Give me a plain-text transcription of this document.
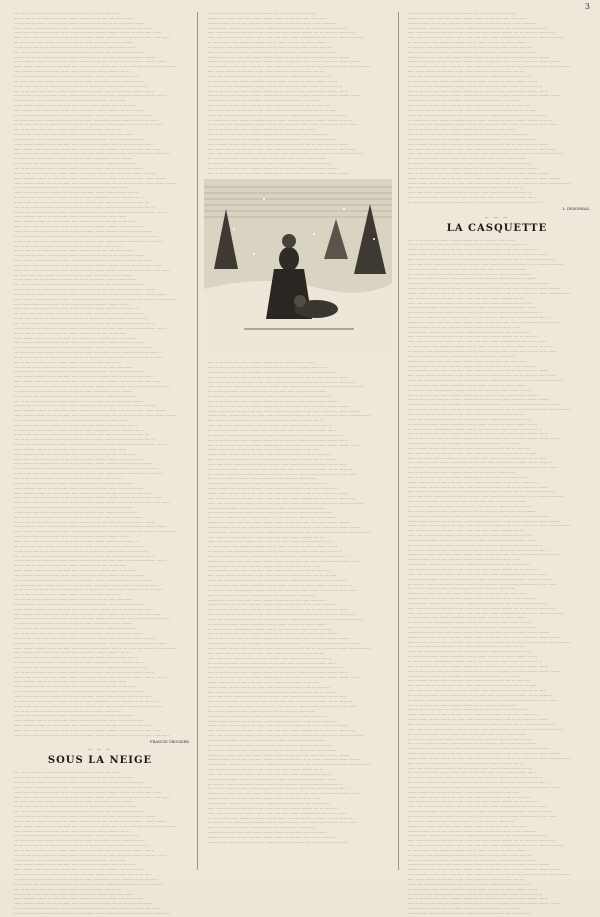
3

····· ··· ···· ······· ······ ········ ········· ·········· ····· ··· ···· ······· ······ ········

·········· ····· ··· ···· ······· ······ ········ ········· ·········· ····· ··· ···· ······· ······ ········

········· ·········· ····· ··· ···· ······· ······ ········ ········· ·········· ····· ··· ···· ······· ······ ········

········ ········· ·········· ····· ··· ···· ······· ······ ········ ········· ·········· ····· ··· ···· ······· ······ ········

······ ········ ········· ·········· ····· ··· ···· ······· ······ ········ ········· ·········· ····· ··· ···· ······· ······ ········

······· ······ ········ ········· ·········· ····· ··· ···· ······· ······ ········ ········· ·········· ····· ··· ···· ······· ······ ········

···· ······· ······ ········ ········· ·········· ····· ··· ···· ······· ······ ········ ········· ··········

··· ···· ······· ······ ········ ········· ·········· ····· ··· ···· ······· ······ ········ ········· ··········

····· ··· ···· ······· ······ ········ ········· ·········· ····· ··· ···· ······· ······ ········ ········· ··········

·········· ····· ··· ···· ······· ······ ········ ········· ·········· ····· ··· ···· ······· ······ ········ ········· ··········

········· ·········· ····· ··· ···· ······· ······ ········ ········· ·········· ····· ··· ···· ······· ······ ········ ········· ··········

········ ········· ·········· ····· ··· ···· ······· ······ ········ ········· ·········· ····· ··· ···· ······· ······ ········ ········· ··········

······ ········ ········· ·········· ····· ··· ···· ······· ······ ········ ········· ·········· ····· ···

······· ······ ········ ········· ·········· ····· ··· ···· ······· ······ ········ ········· ·········· ····· ···

···· ······· ······ ········ ········· ·········· ····· ··· ···· ······· ······ ········ ········· ·········· ····· ···

··· ···· ······· ······ ········ ········· ·········· ····· ··· ···· ······· ······ ········ ········· ·········· ····· ···

····· ··· ···· ······· ······ ········ ········· ·········· ····· ··· ···· ······· ······ ········ ········· ·········· ····· ···

·········· ····· ··· ···· ······· ······ ········ ········· ·········· ····· ··· ···· ······· ······ ········ ········· ·········· ····· ···

········· ·········· ····· ··· ···· ······· ······ ········ ········· ·········· ····· ··· ···· ·······

········ ········· ·········· ····· ··· ···· ······· ······ ········ ········· ·········· ····· ··· ···· ·······

······ ········ ········· ·········· ····· ··· ···· ······· ······ ········ ········· ·········· ····· ··· ···· ·······

······· ······ ········ ········· ·········· ····· ··· ···· ······· ······ ········ ········· ·········· ····· ··· ···· ·······

···· ······· ······ ········ ········· ·········· ····· ··· ···· ······· ······ ········ ········· ·········· ····· ··· ···· ·······

··· ···· ······· ······ ········ ········· ·········· ····· ··· ···· ······· ······ ········ ········· ·········· ····· ··· ···· ·······

····· ··· ···· ······· ······ ········ ········· ·········· ····· ··· ···· ······· ······ ········

·········· ····· ··· ···· ······· ······ ········ ········· ·········· ····· ··· ···· ······· ······ ········

········· ·········· ····· ··· ···· ······· ······ ········ ········· ·········· ····· ··· ···· ······· ······ ········

········ ········· ·········· ····· ··· ···· ······· ······ ········ ········· ·········· ····· ··· ···· ······· ······ ········

······ ········ ········· ·········· ····· ··· ···· ······· ······ ········ ········· ·········· ····· ··· ···· ······· ······ ········

······· ······ ········ ········· ·········· ····· ··· ···· ······· ······ ········ ········· ·········· ····· ··· ···· ······· ······ ········

···· ······· ······ ········ ········· ·········· ····· ··· ···· ······· ······ ········ ········· ··········

··· ···· ······· ······ ········ ········· ·········· ····· ··· ···· ······· ······ ········ ········· ··········

····· ··· ···· ······· ······ ········ ········· ·········· ····· ··· ···· ······· ······ ········ ········· ··········

·········· ····· ··· ···· ······· ······ ········ ········· ·········· ····· ··· ···· ······· ······ ········ ········· ··········

········· ·········· ····· ··· ···· ······· ······ ········ ········· ·········· ····· ··· ···· ······· ······ ········ ········· ··········

········ ········· ·········· ····· ··· ···· ······· ······ ········ ········· ·········· ····· ··· ···· ······· ······ ········ ········· ··········

······ ········ ········· ·········· ····· ··· ···· ······· ······ ········ ········· ·········· ····· ···

······· ······ ········ ········· ·········· ····· ··· ···· ······· ······ ········ ········· ·········· ····· ···

···· ······· ······ ········ ········· ·········· ····· ··· ···· ······· ······ ········ ········· ·········· ····· ···

··· ···· ······· ······ ········ ········· ·········· ····· ··· ···· ······· ······ ········ ········· ·········· ····· ···

····· ··· ···· ······· ······ ········ ········· ·········· ····· ··· ···· ······· ······ ········ ········· ·········· ····· ···

·········· ····· ··· ···· ······· ······ ········ ········· ·········· ····· ··· ···· ······· ······ ········ ········· ·········· ····· ···

········· ·········· ····· ··· ···· ······· ······ ········ ········· ·········· ····· ··· ···· ·······

········ ········· ·········· ····· ··· ···· ······· ······ ········ ········· ·········· ····· ··· ···· ·······

······ ········ ········· ·········· ····· ··· ···· ······· ······ ········ ········· ·········· ····· ··· ···· ·······

······· ······ ········ ········· ·········· ····· ··· ···· ······· ······ ········ ········· ·········· ····· ··· ···· ·······

···· ······· ······ ········ ········· ·········· ····· ··· ···· ······· ······ ········ ········· ·········· ····· ··· ···· ·······

··· ···· ······· ······ ········ ········· ·········· ····· ··· ···· ······· ······ ········ ········· ·········· ····· ··· ···· ·······

····· ··· ···· ······· ······ ········ ········· ·········· ····· ··· ···· ······· ······ ········

·········· ····· ··· ···· ······· ······ ········ ········· ·········· ····· ··· ···· ······· ······ ········

········· ·········· ····· ··· ···· ······· ······ ········ ········· ·········· ····· ··· ···· ······· ······ ········

········ ········· ·········· ····· ··· ···· ······· ······ ········ ········· ·········· ····· ··· ···· ······· ······ ········

······ ········ ········· ·········· ····· ··· ···· ······· ······ ········ ········· ·········· ····· ··· ···· ······· ······ ········

······· ······ ········ ········· ·········· ····· ··· ···· ······· ······ ········ ········· ·········· ····· ··· ···· ······· ······ ········

···· ······· ······ ········ ········· ·········· ····· ··· ···· ······· ······ ········ ········· ··········

··· ···· ······· ······ ········ ········· ·········· ····· ··· ···· ······· ······ ········ ········· ··········

····· ··· ···· ······· ······ ········ ········· ·········· ····· ··· ···· ······· ······ ········ ········· ··········

·········· ····· ··· ···· ······· ······ ········ ········· ·········· ····· ··· ···· ······· ······ ········ ········· ··········

········· ·········· ····· ··· ···· ······· ······ ········ ········· ·········· ····· ··· ···· ······· ······ ········ ········· ··········

········ ········· ·········· ····· ··· ···· ······· ······ ········ ········· ·········· ····· ··· ···· ······· ······ ········ ········· ··········

······ ········ ········· ·········· ····· ··· ···· ······· ······ ········ ········· ·········· ····· ···

······· ······ ········ ········· ·········· ····· ··· ···· ······· ······ ········ ········· ·········· ····· ···

···· ······· ······ ········ ········· ·········· ····· ··· ···· ······· ······ ········ ········· ·········· ····· ···

··· ···· ······· ······ ········ ········· ·········· ····· ··· ···· ······· ······ ········ ········· ·········· ····· ···

····· ··· ···· ······· ······ ········ ········· ·········· ····· ··· ···· ······· ······ ········ ········· ·········· ····· ···

·········· ····· ··· ···· ······· ······ ········ ········· ·········· ····· ··· ···· ······· ······ ········ ········· ·········· ····· ···

········· ·········· ····· ··· ···· ······· ······ ········ ········· ·········· ····· ··· ···· ·······

········ ········· ·········· ····· ··· ···· ······· ······ ········ ········· ·········· ····· ··· ···· ·······

······ ········ ········· ·········· ····· ··· ···· ······· ······ ········ ········· ·········· ····· ··· ···· ·······

······· ······ ········ ········· ·········· ····· ··· ···· ······· ······ ········ ········· ·········· ····· ··· ···· ·······

···· ······· ······ ········ ········· ·········· ····· ··· ···· ······· ······ ········ ········· ·········· ····· ··· ···· ·······

··· ···· ······· ······ ········ ········· ·········· ····· ··· ···· ······· ······ ········ ········· ·········· ····· ··· ···· ·······

····· ··· ···· ······· ······ ········ ········· ·········· ····· ··· ···· ······· ······ ········

·········· ····· ··· ···· ······· ······ ········ ········· ·········· ····· ··· ···· ······· ······ ········

········· ·········· ····· ··· ···· ······· ······ ········ ········· ·········· ····· ··· ···· ······· ······ ········

········ ········· ·········· ····· ··· ···· ······· ······ ········ ········· ·········· ····· ··· ···· ······· ······ ········

······ ········ ········· ·········· ····· ··· ···· ······· ······ ········ ········· ·········· ····· ··· ···· ······· ······ ········

······· ······ ········ ········· ·········· ····· ··· ···· ······· ······ ········ ········· ·········· ····· ··· ···· ······· ······ ········

···· ······· ······ ········ ········· ·········· ····· ··· ···· ······· ······ ········ ········· ··········

··· ···· ······· ······ ········ ········· ·········· ····· ··· ···· ······· ······ ········ ········· ··········

····· ··· ···· ······· ······ ········ ········· ·········· ····· ··· ···· ······· ······ ········ ········· ··········

·········· ····· ··· ···· ······· ······ ········ ········· ·········· ····· ··· ···· ······· ······ ········ ········· ··········

········· ·········· ····· ··· ···· ······· ······ ········ ········· ·········· ····· ··· ···· ······· ······ ········ ········· ··········

········ ········· ·········· ····· ··· ···· ······· ······ ········ ········· ·········· ····· ··· ···· ······· ······ ········ ········· ··········

······ ········ ········· ·········· ····· ··· ···· ······· ······ ········ ········· ·········· ····· ···

······· ······ ········ ········· ·········· ····· ··· ···· ······· ······ ········ ········· ·········· ····· ···

···· ······· ······ ········ ········· ·········· ····· ··· ···· ······· ······ ········ ········· ·········· ····· ···

··· ···· ······· ······ ········ ········· ·········· ····· ··· ···· ······· ······ ········ ········· ·········· ····· ···

····· ··· ···· ······· ······ ········ ········· ·········· ····· ··· ···· ······· ······ ········ ········· ·········· ····· ···

·········· ····· ··· ···· ······· ······ ········ ········· ·········· ····· ··· ···· ······· ······ ········ ········· ·········· ····· ···

········· ·········· ····· ··· ···· ······· ······ ········ ········· ·········· ····· ··· ···· ·······

········ ········· ·········· ····· ··· ···· ······· ······ ········ ········· ·········· ····· ··· ···· ·······

······ ········ ········· ·········· ····· ··· ···· ······· ······ ········ ········· ·········· ····· ··· ···· ·······

······· ······ ········ ········· ·········· ····· ··· ···· ······· ······ ········ ········· ·········· ····· ··· ···· ·······

···· ······· ······ ········ ········· ·········· ····· ··· ···· ······· ······ ········ ········· ·········· ····· ··· ···· ·······

··· ···· ······· ······ ········ ········· ·········· ····· ··· ···· ······· ······ ········ ········· ·········· ····· ··· ···· ·······

····· ··· ···· ······· ······ ········ ········· ·········· ····· ··· ···· ······· ······ ········

·········· ····· ··· ···· ······· ······ ········ ········· ·········· ····· ··· ···· ······· ······ ········

········· ·········· ····· ··· ···· ······· ······ ········ ········· ·········· ····· ··· ···· ······· ······ ········

········ ········· ·········· ····· ··· ···· ······· ······ ········ ········· ·········· ····· ··· ···· ······· ······ ········

······ ········ ········· ·········· ····· ··· ···· ······· ······ ········ ········· ·········· ····· ··· ···· ······· ······ ········

······· ······ ········ ········· ·········· ····· ··· ···· ······· ······ ········ ········· ·········· ····· ··· ···· ······· ······ ········

···· ······· ······ ········ ········· ·········· ····· ··· ···· ······· ······ ········ ········· ··········

··· ···· ······· ······ ········ ········· ·········· ····· ··· ···· ······· ······ ········ ········· ··········

····· ··· ···· ······· ······ ········ ········· ·········· ····· ··· ···· ······· ······ ········ ········· ··········

·········· ····· ··· ···· ······· ······ ········ ········· ·········· ····· ··· ···· ······· ······ ········ ········· ··········

········· ·········· ····· ··· ···· ······· ······ ········ ········· ·········· ····· ··· ···· ······· ······ ········ ········· ··········

········ ········· ·········· ····· ··· ···· ······· ······ ········ ········· ·········· ····· ··· ···· ······· ······ ········ ········· ··········

······ ········ ········· ·········· ····· ··· ···· ······· ······ ········ ········· ·········· ····· ···

······· ······ ········ ········· ·········· ····· ··· ···· ······· ······ ········ ········· ·········· ····· ···

···· ······· ······ ········ ········· ·········· ····· ··· ···· ······· ······ ········ ········· ·········· ····· ···

··· ···· ······· ······ ········ ········· ·········· ····· ··· ···· ······· ······ ········ ········· ·········· ····· ···

····· ··· ···· ······· ······ ········ ········· ·········· ····· ··· ···· ······· ······ ········ ········· ·········· ····· ···

·········· ····· ··· ···· ······· ······ ········ ········· ·········· ····· ··· ···· ······· ······ ········ ········· ·········· ····· ···

········· ·········· ····· ··· ···· ······· ······ ········ ········· ·········· ····· ··· ···· ·······

········ ········· ·········· ····· ··· ···· ······· ······ ········ ········· ·········· ····· ··· ···· ·······

······ ········ ········· ·········· ····· ··· ···· ······· ······ ········ ········· ·········· ····· ··· ···· ·······

······· ······ ········ ········· ·········· ····· ··· ···· ······· ······ ········ ········· ·········· ····· ··· ···· ·······

···· ······· ······ ········ ········· ·········· ····· ··· ···· ······· ······ ········ ········· ·········· ····· ··· ···· ·······

··· ···· ······· ······ ········ ········· ·········· ····· ··· ···· ······· ······ ········ ········· ·········· ····· ··· ···· ·······

····· ··· ···· ······· ······ ········ ········· ·········· ····· ··· ···· ······· ······ ········

·········· ····· ··· ···· ······· ······ ········ ········· ·········· ····· ··· ···· ······· ······ ········

········· ·········· ····· ··· ···· ······· ······ ········ ········· ·········· ····· ··· ···· ······· ······ ········

········ ········· ·········· ····· ··· ···· ······· ······ ········ ········· ·········· ····· ··· ···· ······· ······ ········

······ ········ ········· ·········· ····· ··· ···· ······· ······ ········ ········· ·········· ····· ··· ···· ······· ······ ········

······· ······ ········ ········· ·········· ····· ··· ···· ······· ······ ········ ········· ·········· ····· ··· ···· ······· ······ ········

···· ······· ······ ········ ········· ·········· ····· ··· ···· ······· ······ ········ ········· ··········

··· ···· ······· ······ ········ ········· ·········· ····· ··· ···· ······· ······ ········ ········· ··········

····· ··· ···· ······· ······ ········ ········· ·········· ····· ··· ···· ······· ······ ········ ········· ··········

·········· ····· ··· ···· ······· ······ ········ ········· ·········· ····· ··· ···· ······· ······ ········ ········· ··········

········· ·········· ····· ··· ···· ······· ······ ········ ········· ·········· ····· ··· ···· ······· ······ ········ ········· ··········

········ ········· ·········· ····· ··· ···· ······· ······ ········ ········· ·········· ····· ··· ···· ······· ······ ········ ········· ··········

······ ········ ········· ·········· ····· ··· ···· ······· ······ ········ ········· ·········· ····· ···

······· ······ ········ ········· ·········· ····· ··· ···· ······· ······ ········ ········· ·········· ····· ···

···· ······· ······ ········ ········· ·········· ····· ··· ···· ······· ······ ········ ········· ·········· ····· ···

··· ···· ······· ······ ········ ········· ·········· ····· ··· ···· ······· ······ ········ ········· ·········· ····· ···

····· ··· ···· ······· ······ ········ ········· ·········· ····· ··· ···· ······· ······ ········ ········· ·········· ····· ···

·········· ····· ··· ···· ······· ······ ········ ········· ·········· ····· ··· ···· ······· ······ ········ ········· ·········· ····· ···

········· ·········· ····· ··· ···· ······· ······ ········ ········· ·········· ····· ··· ···· ·······

········ ········· ·········· ····· ··· ···· ······· ······ ········ ········· ·········· ····· ··· ···· ·······

······ ········ ········· ·········· ····· ··· ···· ······· ······ ········ ········· ·········· ····· ··· ···· ·······

······· ······ ········ ········· ·········· ····· ··· ···· ······· ······ ········ ········· ·········· ····· ··· ···· ·······

···· ······· ······ ········ ········· ·········· ····· ··· ···· ······· ······ ········ ········· ·········· ····· ··· ···· ·······

··· ···· ······· ······ ········ ········· ·········· ····· ··· ···· ······· ······ ········ ········· ·········· ····· ··· ···· ·······

····· ··· ···· ······· ······ ········ ········· ·········· ····· ··· ···· ······· ······ ········

·········· ····· ··· ···· ······· ······ ········ ········· ·········· ····· ··· ···· ······· ······ ········

········· ·········· ····· ··· ···· ······· ······ ········ ········· ·········· ····· ··· ···· ······· ······ ········

········ ········· ·········· ····· ··· ···· ······· ······ ········ ········· ·········· ····· ··· ···· ······· ······ ········

······ ········ ········· ·········· ····· ··· ···· ······· ······ ········ ········· ·········· ····· ··· ···· ······· ······ ········

······· ······ ········ ········· ·········· ····· ··· ···· ······· ······ ········ ········· ·········· ····· ··· ···· ······· ······ ········

FRANCIS GROSSIER.
— — —
SOUS LA NEIGE

····· ··· ···· ······· ······ ········ ········· ·········· ····· ··· ···· ······· ······ ········

·········· ····· ··· ···· ······· ······ ········ ········· ·········· ····· ··· ···· ······· ······ ········

········· ·········· ····· ··· ···· ······· ······ ········ ········· ·········· ····· ··· ···· ······· ······ ········

········ ········· ·········· ····· ··· ···· ······· ······ ········ ········· ·········· ····· ··· ···· ······· ······ ········

······ ········ ········· ·········· ····· ··· ···· ······· ······ ········ ········· ·········· ····· ··· ···· ······· ······ ········

······· ······ ········ ········· ·········· ····· ··· ···· ······· ······ ········ ········· ·········· ····· ··· ···· ······· ······ ········

···· ······· ······ ········ ········· ·········· ····· ··· ···· ······· ······ ········ ········· ··········

··· ···· ······· ······ ········ ········· ·········· ····· ··· ···· ······· ······ ········ ········· ··········

····· ··· ···· ······· ······ ········ ········· ·········· ····· ··· ···· ······· ······ ········ ········· ··········

·········· ····· ··· ···· ······· ······ ········ ········· ·········· ····· ··· ···· ······· ······ ········ ········· ··········

········· ·········· ····· ··· ···· ······· ······ ········ ········· ·········· ····· ··· ···· ······· ······ ········ ········· ··········

········ ········· ·········· ····· ··· ···· ······· ······ ········ ········· ·········· ····· ··· ···· ······· ······ ········ ········· ··········

······ ········ ········· ·········· ····· ··· ···· ······· ······ ········ ········· ·········· ····· ···

······· ······ ········ ········· ·········· ····· ··· ···· ······· ······ ········ ········· ·········· ····· ···

···· ······· ······ ········ ········· ·········· ····· ··· ···· ······· ······ ········ ········· ·········· ····· ···

··· ···· ······· ······ ········ ········· ·········· ····· ··· ···· ······· ······ ········ ········· ·········· ····· ···

····· ··· ···· ······· ······ ········ ········· ·········· ····· ··· ···· ······· ······ ········ ········· ·········· ····· ···

·········· ····· ··· ···· ······· ······ ········ ········· ·········· ····· ··· ···· ······· ······ ········ ········· ·········· ····· ···

········· ·········· ····· ··· ···· ······· ······ ········ ········· ·········· ····· ··· ···· ·······

········ ········· ·········· ····· ··· ···· ······· ······ ········ ········· ·········· ····· ··· ···· ·······

······ ········ ········· ·········· ····· ··· ···· ······· ······ ········ ········· ·········· ····· ··· ···· ·······

······· ······ ········ ········· ·········· ····· ··· ···· ······· ······ ········ ········· ·········· ····· ··· ···· ·······

···· ······· ······ ········ ········· ·········· ····· ··· ···· ······· ······ ········ ········· ·········· ····· ··· ···· ·······

··· ···· ······· ······ ········ ········· ·········· ····· ··· ···· ······· ······ ········ ········· ·········· ····· ··· ···· ·······

····· ··· ···· ······· ······ ········ ········· ·········· ····· ··· ···· ······· ······ ········

·········· ····· ··· ···· ······· ······ ········ ········· ·········· ····· ··· ···· ······· ······ ········

········· ·········· ····· ··· ···· ······· ······ ········ ········· ·········· ····· ··· ···· ······· ······ ········

········ ········· ·········· ····· ··· ···· ······· ······ ········ ········· ·········· ····· ··· ···· ······· ······ ········

······ ········ ········· ·········· ····· ··· ···· ······· ······ ········ ········· ·········· ····· ··· ···· ······· ······ ········

······· ······ ········ ········· ·········· ····· ··· ···· ······· ······ ········ ········· ·········· ····· ··· ···· ······· ······ ········

····· ··· ···· ······· ······ ········ ········· ·········· ····· ··· ···· ······· ······ ········

·········· ····· ··· ···· ······· ······ ········ ········· ·········· ····· ··· ···· ······· ······ ········

········· ·········· ····· ··· ···· ······· ······ ········ ········· ·········· ····· ··· ···· ······· ······ ········

········ ········· ·········· ····· ··· ···· ······· ······ ········ ········· ·········· ····· ··· ···· ······· ······ ········

······ ········ ········· ·········· ····· ··· ···· ······· ······ ········ ········· ·········· ····· ··· ···· ······· ······ ········

······· ······ ········ ········· ·········· ····· ··· ···· ······· ······ ········ ········· ·········· ····· ··· ···· ······· ······ ········

···· ······· ······ ········ ········· ·········· ····· ··· ···· ······· ······ ········ ········· ··········

··· ···· ······· ······ ········ ········· ·········· ····· ··· ···· ······· ······ ········ ········· ··········

····· ··· ···· ······· ······ ········ ········· ·········· ····· ··· ···· ······· ······ ········ ········· ··········

·········· ····· ··· ···· ······· ······ ········ ········· ·········· ····· ··· ···· ······· ······ ········ ········· ··········

········· ·········· ····· ··· ···· ······· ······ ········ ········· ·········· ····· ··· ···· ······· ······ ········ ········· ··········

········ ········· ·········· ····· ··· ···· ······· ······ ········ ········· ·········· ····· ··· ···· ······· ······ ········ ········· ··········

······ ········ ········· ·········· ····· ··· ···· ······· ······ ········ ········· ·········· ····· ···

······· ······ ········ ········· ·········· ····· ··· ···· ······· ······ ········ ········· ·········· ····· ···

···· ······· ······ ········ ········· ·········· ····· ··· ···· ······· ······ ········ ········· ·········· ····· ···

··· ···· ······· ······ ········ ········· ·········· ····· ··· ···· ······· ······ ········ ········· ·········· ····· ···

····· ··· ···· ······· ······ ········ ········· ·········· ····· ··· ···· ······· ······ ········ ········· ·········· ····· ···

·········· ····· ··· ···· ······· ······ ········ ········· ·········· ····· ··· ···· ······· ······ ········ ········· ·········· ····· ···

········· ·········· ····· ··· ···· ······· ······ ········ ········· ·········· ····· ··· ···· ·······

········ ········· ·········· ····· ··· ···· ······· ······ ········ ········· ·········· ····· ··· ···· ·······

······ ········ ········· ·········· ····· ··· ···· ······· ······ ········ ········· ·········· ····· ··· ···· ·······

······· ······ ········ ········· ·········· ····· ··· ···· ······· ······ ········ ········· ·········· ····· ··· ···· ·······

···· ······· ······ ········ ········· ·········· ····· ··· ···· ······· ······ ········ ········· ·········· ····· ··· ···· ·······

··· ···· ······· ······ ········ ········· ·········· ····· ··· ···· ······· ······ ········ ········· ·········· ····· ··· ···· ·······

····· ··· ···· ······· ······ ········ ········· ·········· ····· ··· ···· ······· ······ ········

·········· ····· ··· ···· ······· ······ ········ ········· ·········· ····· ··· ···· ······· ······ ········

········· ·········· ····· ··· ···· ······· ······ ········ ········· ·········· ····· ··· ···· ······· ······ ········

········ ········· ·········· ····· ··· ···· ······· ······ ········ ········· ·········· ····· ··· ···· ······· ······ ········

······ ········ ········· ·········· ····· ··· ···· ······· ······ ········ ········· ·········· ····· ··· ···· ······· ······ ········

······· ······ ········ ········· ·········· ····· ··· ···· ······· ······ ········ ········· ·········· ····· ··· ···· ······· ······ ········

···· ······· ······ ········ ········· ·········· ····· ··· ···· ······· ······ ········ ········· ··········

··· ···· ······· ······ ········ ········· ·········· ····· ··· ···· ······· ······ ········ ········· ··········

····· ··· ···· ······· ······ ········ ········· ·········· ····· ··· ···· ······· ······ ········ ········· ··········

·········· ····· ··· ···· ······· ······ ········ ········· ·········· ····· ··· ···· ······· ······ ········ ········· ··········

····· ··· ···· ······· ······ ········ ········· ·········· ····· ··· ···· ······· ······ ········

·········· ····· ··· ···· ······· ······ ········ ········· ·········· ····· ··· ···· ······· ······ ········

········· ·········· ····· ··· ···· ······· ······ ········ ········· ·········· ····· ··· ···· ······· ······ ········

········ ········· ·········· ····· ··· ···· ······· ······ ········ ········· ·········· ····· ··· ···· ······· ······ ········

······ ········ ········· ·········· ····· ··· ···· ······· ······ ········ ········· ·········· ····· ··· ···· ······· ······ ········

······· ······ ········ ········· ·········· ····· ··· ···· ······· ······ ········ ········· ·········· ····· ··· ···· ······· ······ ········

···· ······· ······ ········ ········· ·········· ····· ··· ···· ······· ······ ········ ········· ··········

··· ···· ······· ······ ········ ········· ·········· ····· ··· ···· ······· ······ ········ ········· ··········

····· ··· ···· ······· ······ ········ ········· ·········· ····· ··· ···· ······· ······ ········ ········· ··········

·········· ····· ··· ···· ······· ······ ········ ········· ·········· ····· ··· ···· ······· ······ ········ ········· ··········

········· ·········· ····· ··· ···· ······· ······ ········ ········· ·········· ····· ··· ···· ······· ······ ········ ········· ··········

········ ········· ·········· ····· ··· ···· ······· ······ ········ ········· ·········· ····· ··· ···· ······· ······ ········ ········· ··········

······ ········ ········· ·········· ····· ··· ···· ······· ······ ········ ········· ·········· ····· ···

······· ······ ········ ········· ·········· ····· ··· ···· ······· ······ ········ ········· ·········· ····· ···

···· ······· ······ ········ ········· ·········· ····· ··· ···· ······· ······ ········ ········· ·········· ····· ···

··· ···· ······· ······ ········ ········· ·········· ····· ··· ···· ······· ······ ········ ········· ·········· ····· ···

····· ··· ···· ······· ······ ········ ········· ·········· ····· ··· ···· ······· ······ ········ ········· ·········· ····· ···

·········· ····· ··· ···· ······· ······ ········ ········· ·········· ····· ··· ···· ······· ······ ········ ········· ·········· ····· ···

········· ·········· ····· ··· ···· ······· ······ ········ ········· ·········· ····· ··· ···· ·······

········ ········· ·········· ····· ··· ···· ······· ······ ········ ········· ·········· ····· ··· ···· ·······

······ ········ ········· ·········· ····· ··· ···· ······· ······ ········ ········· ·········· ····· ··· ···· ·······

······· ······ ········ ········· ·········· ····· ··· ···· ······· ······ ········ ········· ·········· ····· ··· ···· ·······

···· ······· ······ ········ ········· ·········· ····· ··· ···· ······· ······ ········ ········· ·········· ····· ··· ···· ·······

··· ···· ······· ······ ········ ········· ·········· ····· ··· ···· ······· ······ ········ ········· ·········· ····· ··· ···· ·······

····· ··· ···· ······· ······ ········ ········· ·········· ····· ··· ···· ······· ······ ········

·········· ····· ··· ···· ······· ······ ········ ········· ·········· ····· ··· ···· ······· ······ ········

········· ·········· ····· ··· ···· ······· ······ ········ ········· ·········· ····· ··· ···· ······· ······ ········

········ ········· ·········· ····· ··· ···· ······· ······ ········ ········· ·········· ····· ··· ···· ······· ······ ········

······ ········ ········· ·········· ····· ··· ···· ······· ······ ········ ········· ·········· ····· ··· ···· ······· ······ ········

······· ······ ········ ········· ·········· ····· ··· ···· ······· ······ ········ ········· ·········· ····· ··· ···· ······· ······ ········

···· ······· ······ ········ ········· ·········· ····· ··· ···· ······· ······ ········ ········· ··········

··· ···· ······· ······ ········ ········· ·········· ····· ··· ···· ······· ······ ········ ········· ··········

····· ··· ···· ······· ······ ········ ········· ·········· ····· ··· ···· ······· ······ ········ ········· ··········

·········· ····· ··· ···· ······· ······ ········ ········· ·········· ····· ··· ···· ······· ······ ········ ········· ··········

········· ·········· ····· ··· ···· ······· ······ ········ ········· ·········· ····· ··· ···· ······· ······ ········ ········· ··········

········ ········· ·········· ····· ··· ···· ······· ······ ········ ········· ·········· ····· ··· ···· ······· ······ ········ ········· ··········

······ ········ ········· ·········· ····· ··· ···· ······· ······ ········ ········· ·········· ····· ···

······· ······ ········ ········· ·········· ····· ··· ···· ······· ······ ········ ········· ·········· ····· ···

···· ······· ······ ········ ········· ·········· ····· ··· ···· ······· ······ ········ ········· ·········· ····· ···

··· ···· ······· ······ ········ ········· ·········· ····· ··· ···· ······· ······ ········ ········· ·········· ····· ···

····· ··· ···· ······· ······ ········ ········· ·········· ····· ··· ···· ······· ······ ········ ········· ·········· ····· ···

·········· ····· ··· ···· ······· ······ ········ ········· ·········· ····· ··· ···· ······· ······ ········ ········· ·········· ····· ···

········· ·········· ····· ··· ···· ······· ······ ········ ········· ·········· ····· ··· ···· ·······

········ ········· ·········· ····· ··· ···· ······· ······ ········ ········· ·········· ····· ··· ···· ·······

······ ········ ········· ·········· ····· ··· ···· ······· ······ ········ ········· ·········· ····· ··· ···· ·······

······· ······ ········ ········· ·········· ····· ··· ···· ······· ······ ········ ········· ·········· ····· ··· ···· ·······

···· ······· ······ ········ ········· ·········· ····· ··· ···· ······· ······ ········ ········· ·········· ····· ··· ···· ·······

··· ···· ······· ······ ········ ········· ·········· ····· ··· ···· ······· ······ ········ ········· ·········· ····· ··· ···· ·······

····· ··· ···· ······· ······ ········ ········· ·········· ····· ··· ···· ······· ······ ········

·········· ····· ··· ···· ······· ······ ········ ········· ·········· ····· ··· ···· ······· ······ ········

········· ·········· ····· ··· ···· ······· ······ ········ ········· ·········· ····· ··· ···· ······· ······ ········

········ ········· ·········· ····· ··· ···· ······· ······ ········ ········· ·········· ····· ··· ···· ······· ······ ········

······ ········ ········· ·········· ····· ··· ···· ······· ······ ········ ········· ·········· ····· ··· ···· ······· ······ ········

······· ······ ········ ········· ·········· ····· ··· ···· ······· ······ ········ ········· ·········· ····· ··· ···· ······· ······ ········

···· ······· ······ ········ ········· ·········· ····· ··· ···· ······· ······ ········ ········· ··········

··· ···· ······· ······ ········ ········· ·········· ····· ··· ···· ······· ······ ········ ········· ··········

····· ··· ···· ······· ······ ········ ········· ·········· ····· ··· ···· ······· ······ ········ ········· ··········

·········· ····· ··· ···· ······· ······ ········ ········· ·········· ····· ··· ···· ······· ······ ········ ········· ··········

········· ·········· ····· ··· ···· ······· ······ ········ ········· ·········· ····· ··· ···· ······· ······ ········ ········· ··········

········ ········· ·········· ····· ··· ···· ······· ······ ········ ········· ·········· ····· ··· ···· ······· ······ ········ ········· ··········

······ ········ ········· ·········· ····· ··· ···· ······· ······ ········ ········· ·········· ····· ···

······· ······ ········ ········· ·········· ····· ··· ···· ······· ······ ········ ········· ·········· ····· ···

···· ······· ······ ········ ········· ·········· ····· ··· ···· ······· ······ ········ ········· ·········· ····· ···

··· ···· ······· ······ ········ ········· ·········· ····· ··· ···· ······· ······ ········ ········· ·········· ····· ···

····· ··· ···· ······· ······ ········ ········· ·········· ····· ··· ···· ······· ······ ········ ········· ·········· ····· ···

·········· ····· ··· ···· ······· ······ ········ ········· ·········· ····· ··· ···· ······· ······ ········ ········· ·········· ····· ···

········· ·········· ····· ··· ···· ······· ······ ········ ········· ·········· ····· ··· ···· ·······

········ ········· ·········· ····· ··· ···· ······· ······ ········ ········· ·········· ····· ··· ···· ·······

······ ········ ········· ·········· ····· ··· ···· ······· ······ ········ ········· ·········· ····· ··· ···· ·······

······· ······ ········ ········· ·········· ····· ··· ···· ······· ······ ········ ········· ·········· ····· ··· ···· ·······

···· ······· ······ ········ ········· ·········· ····· ··· ···· ······· ······ ········ ········· ·········· ····· ··· ···· ·······

··· ···· ······· ······ ········ ········· ·········· ····· ··· ···· ······· ······ ········ ········· ·········· ····· ··· ···· ·······

····· ··· ···· ······· ······ ········ ········· ·········· ····· ··· ···· ······· ······ ········

·········· ····· ··· ···· ······· ······ ········ ········· ·········· ····· ··· ···· ······· ······ ········

········· ·········· ····· ··· ···· ······· ······ ········ ········· ·········· ····· ··· ···· ······· ······ ········

········ ········· ·········· ····· ··· ···· ······· ······ ········ ········· ·········· ····· ··· ···· ······· ······ ········

······ ········ ········· ·········· ····· ··· ···· ······· ······ ········ ········· ·········· ····· ··· ···· ······· ······ ········

······· ······ ········ ········· ·········· ····· ··· ···· ······· ······ ········ ········· ·········· ····· ··· ···· ······· ······ ········

···· ······· ······ ········ ········· ·········· ····· ··· ···· ······· ······ ········ ········· ··········

··· ···· ······· ······ ········ ········· ·········· ····· ··· ···· ······· ······ ········ ········· ··········

····· ··· ···· ······· ······ ········ ········· ·········· ····· ··· ···· ······· ······ ········ ········· ··········

·········· ····· ··· ···· ······· ······ ········ ········· ·········· ····· ··· ···· ······· ······ ········ ········· ··········

········· ·········· ····· ··· ···· ······· ······ ········ ········· ·········· ····· ··· ···· ······· ······ ········ ········· ··········

········ ········· ·········· ····· ··· ···· ······· ······ ········ ········· ·········· ····· ··· ···· ······· ······ ········ ········· ··········

······ ········ ········· ·········· ····· ··· ···· ······· ······ ········ ········· ·········· ····· ···

······· ······ ········ ········· ·········· ····· ··· ···· ······· ······ ········ ········· ·········· ····· ···

···· ······· ······ ········ ········· ·········· ····· ··· ···· ······· ······ ········ ········· ·········· ····· ···

··· ···· ······· ······ ········ ········· ·········· ····· ··· ···· ······· ······ ········ ········· ·········· ····· ···

····· ··· ···· ······· ······ ········ ········· ·········· ····· ··· ···· ······· ······ ········ ········· ·········· ····· ···

·········· ····· ··· ···· ······· ······ ········ ········· ·········· ····· ··· ···· ······· ······ ········ ········· ·········· ····· ···

········· ·········· ····· ··· ···· ······· ······ ········ ········· ·········· ····· ··· ···· ·······

········ ········· ·········· ····· ··· ···· ······· ······ ········ ········· ·········· ····· ··· ···· ·······

······ ········ ········· ·········· ····· ··· ···· ······· ······ ········ ········· ·········· ····· ··· ···· ·······

······· ······ ········ ········· ·········· ····· ··· ···· ······· ······ ········ ········· ·········· ····· ··· ···· ·······

···· ······· ······ ········ ········· ·········· ····· ··· ···· ······· ······ ········ ········· ·········· ····· ··· ···· ·······

··· ···· ······· ······ ········ ········· ·········· ····· ··· ···· ······· ······ ········ ········· ·········· ····· ··· ···· ·······

····· ··· ···· ······· ······ ········ ········· ·········· ····· ··· ···· ······· ······ ········

·········· ····· ··· ···· ······· ······ ········ ········· ·········· ····· ··· ···· ······· ······ ········

········· ·········· ····· ··· ···· ······· ······ ········ ········· ·········· ····· ··· ···· ······· ······ ········

········ ········· ·········· ····· ··· ···· ······· ······ ········ ········· ·········· ····· ··· ···· ······· ······ ········

····· ··· ···· ······· ······ ········ ········· ·········· ····· ··· ···· ······· ······ ········

·········· ····· ··· ···· ······· ······ ········ ········· ·········· ····· ··· ···· ······· ······ ········

········· ·········· ····· ··· ···· ······· ······ ········ ········· ·········· ····· ··· ···· ······· ······ ········

········ ········· ·········· ····· ··· ···· ······· ······ ········ ········· ·········· ····· ··· ···· ······· ······ ········

······ ········ ········· ·········· ····· ··· ···· ······· ······ ········ ········· ·········· ····· ··· ···· ······· ······ ········

······· ······ ········ ········· ·········· ····· ··· ···· ······· ······ ········ ········· ·········· ····· ··· ···· ······· ······ ········

···· ······· ······ ········ ········· ·········· ····· ··· ···· ······· ······ ········ ········· ··········

··· ···· ······· ······ ········ ········· ·········· ····· ··· ···· ······· ······ ········ ········· ··········

····· ··· ···· ······· ······ ········ ········· ·········· ····· ··· ···· ······· ······ ········ ········· ··········

·········· ····· ··· ···· ······· ······ ········ ········· ·········· ····· ··· ···· ······· ······ ········ ········· ··········

········· ·········· ····· ··· ···· ······· ······ ········ ········· ·········· ····· ··· ···· ······· ······ ········ ········· ··········

········ ········· ·········· ····· ··· ···· ······· ······ ········ ········· ·········· ····· ··· ···· ······· ······ ········ ········· ··········

······ ········ ········· ·········· ····· ··· ···· ······· ······ ········ ········· ·········· ····· ···

······· ······ ········ ········· ·········· ····· ··· ···· ······· ······ ········ ········· ·········· ····· ···

···· ······· ······ ········ ········· ·········· ····· ··· ···· ······· ······ ········ ········· ·········· ····· ···

··· ···· ······· ······ ········ ········· ·········· ····· ··· ···· ······· ······ ········ ········· ·········· ····· ···

····· ··· ···· ······· ······ ········ ········· ·········· ····· ··· ···· ······· ······ ········ ········· ·········· ····· ···

·········· ····· ··· ···· ······· ······ ········ ········· ·········· ····· ··· ···· ······· ······ ········ ········· ·········· ····· ···

········· ·········· ····· ··· ···· ······· ······ ········ ········· ·········· ····· ··· ···· ·······

········ ········· ·········· ····· ··· ···· ······· ······ ········ ········· ·········· ····· ··· ···· ·······

······ ········ ········· ·········· ····· ··· ···· ······· ······ ········ ········· ·········· ····· ··· ···· ·······

······· ······ ········ ········· ·········· ····· ··· ···· ······· ······ ········ ········· ·········· ····· ··· ···· ·······

···· ······· ······ ········ ········· ·········· ····· ··· ···· ······· ······ ········ ········· ·········· ····· ··· ···· ·······

··· ···· ······· ······ ········ ········· ·········· ····· ··· ···· ······· ······ ········ ········· ·········· ····· ··· ···· ·······

····· ··· ···· ······· ······ ········ ········· ·········· ····· ··· ···· ······· ······ ········

·········· ····· ··· ···· ······· ······ ········ ········· ·········· ····· ··· ···· ······· ······ ········

········· ·········· ····· ··· ···· ······· ······ ········ ········· ·········· ····· ··· ···· ······· ······ ········

········ ········· ·········· ····· ··· ···· ······· ······ ········ ········· ·········· ····· ··· ···· ······· ······ ········

······ ········ ········· ·········· ····· ··· ···· ······· ······ ········ ········· ·········· ····· ··· ···· ······· ······ ········

······· ······ ········ ········· ·········· ····· ··· ···· ······· ······ ········ ········· ·········· ····· ··· ···· ······· ······ ········

···· ······· ······ ········ ········· ·········· ····· ··· ···· ······· ······ ········ ········· ··········

··· ···· ······· ······ ········ ········· ·········· ····· ··· ···· ······· ······ ········ ········· ··········

····· ··· ···· ······· ······ ········ ········· ·········· ····· ··· ···· ······· ······ ········ ········· ··········

·········· ····· ··· ···· ······· ······ ········ ········· ·········· ····· ··· ···· ······· ······ ········ ········· ··········

········· ·········· ····· ··· ···· ······· ······ ········ ········· ·········· ····· ··· ···· ······· ······ ········ ········· ··········

········ ········· ·········· ····· ··· ···· ······· ······ ········ ········· ·········· ····· ··· ···· ······· ······ ········ ········· ··········

······ ········ ········· ·········· ····· ··· ···· ······· ······ ········ ········· ·········· ····· ···

······· ······ ········ ········· ·········· ····· ··· ···· ······· ······ ········ ········· ·········· ····· ···

···· ······· ······ ········ ········· ·········· ····· ··· ···· ······· ······ ········ ········· ·········· ····· ···

··· ···· ······· ······ ········ ········· ·········· ····· ··· ···· ······· ······ ········ ········· ·········· ····· ···

L. DESORNAS.
— — —
LA CASQUETTE

····· ··· ···· ······· ······ ········ ········· ·········· ····· ··· ···· ······· ······ ········

·········· ····· ··· ···· ······· ······ ········ ········· ·········· ····· ··· ···· ······· ······ ········

········· ·········· ····· ··· ···· ······· ······ ········ ········· ·········· ····· ··· ···· ······· ······ ········

········ ········· ·········· ····· ··· ···· ······· ······ ········ ········· ·········· ····· ··· ···· ······· ······ ········

······ ········ ········· ·········· ····· ··· ···· ······· ······ ········ ········· ·········· ····· ··· ···· ······· ······ ········

······· ······ ········ ········· ·········· ····· ··· ···· ······· ······ ········ ········· ·········· ····· ··· ···· ······· ······ ········

···· ······· ······ ········ ········· ·········· ····· ··· ···· ······· ······ ········ ········· ··········

··· ···· ······· ······ ········ ········· ·········· ····· ··· ···· ······· ······ ········ ········· ··········

····· ··· ···· ······· ······ ········ ········· ·········· ····· ··· ···· ······· ······ ········ ········· ··········

·········· ····· ··· ···· ······· ······ ········ ········· ·········· ····· ··· ···· ······· ······ ········ ········· ··········

········· ·········· ····· ··· ···· ······· ······ ········ ········· ·········· ····· ··· ···· ······· ······ ········ ········· ··········

········ ········· ·········· ····· ··· ···· ······· ······ ········ ········· ·········· ····· ··· ···· ······· ······ ········ ········· ··········

······ ········ ········· ·········· ····· ··· ···· ······· ······ ········ ········· ·········· ····· ···

······· ······ ········ ········· ·········· ····· ··· ···· ······· ······ ········ ········· ·········· ····· ···

···· ······· ······ ········ ········· ·········· ····· ··· ···· ······· ······ ········ ········· ·········· ····· ···

··· ···· ······· ······ ········ ········· ·········· ····· ··· ···· ······· ······ ········ ········· ·········· ····· ···

····· ··· ···· ······· ······ ········ ········· ·········· ····· ··· ···· ······· ······ ········ ········· ·········· ····· ···

·········· ····· ··· ···· ······· ······ ········ ········· ·········· ····· ··· ···· ······· ······ ········ ········· ·········· ····· ···

········· ·········· ····· ··· ···· ······· ······ ········ ········· ·········· ····· ··· ···· ·······

········ ········· ·········· ····· ··· ···· ······· ······ ········ ········· ·········· ····· ··· ···· ·······

······ ········ ········· ·········· ····· ··· ···· ······· ······ ········ ········· ·········· ····· ··· ···· ·······

······· ······ ········ ········· ·········· ····· ··· ···· ······· ······ ········ ········· ·········· ····· ··· ···· ·······

···· ······· ······ ········ ········· ·········· ····· ··· ···· ······· ······ ········ ········· ·········· ····· ··· ···· ·······

··· ···· ······· ······ ········ ········· ·········· ····· ··· ···· ······· ······ ········ ········· ·········· ····· ··· ···· ·······

····· ··· ···· ······· ······ ········ ········· ·········· ····· ··· ···· ······· ······ ········

·········· ····· ··· ···· ······· ······ ········ ········· ·········· ····· ··· ···· ······· ······ ········

········· ·········· ····· ··· ···· ······· ······ ········ ········· ·········· ····· ··· ···· ······· ······ ········

········ ········· ·········· ····· ··· ···· ······· ······ ········ ········· ·········· ····· ··· ···· ······· ······ ········

······ ········ ········· ·········· ····· ··· ···· ······· ······ ········ ········· ·········· ····· ··· ···· ······· ······ ········

······· ······ ········ ········· ·········· ····· ··· ···· ······· ······ ········ ········· ·········· ····· ··· ···· ······· ······ ········

···· ······· ······ ········ ········· ·········· ····· ··· ···· ······· ······ ········ ········· ··········

··· ···· ······· ······ ········ ········· ·········· ····· ··· ···· ······· ······ ········ ········· ··········

····· ··· ···· ······· ······ ········ ········· ·········· ····· ··· ···· ······· ······ ········ ········· ··········

·········· ····· ··· ···· ······· ······ ········ ········· ·········· ····· ··· ···· ······· ······ ········ ········· ··········

········· ·········· ····· ··· ···· ······· ······ ········ ········· ·········· ····· ··· ···· ······· ······ ········ ········· ··········

········ ········· ·········· ····· ··· ···· ······· ······ ········ ········· ·········· ····· ··· ···· ······· ······ ········ ········· ··········

······ ········ ········· ·········· ····· ··· ···· ······· ······ ········ ········· ·········· ····· ···

······· ······ ········ ········· ·········· ····· ··· ···· ······· ······ ········ ········· ·········· ····· ···

···· ······· ······ ········ ········· ·········· ····· ··· ···· ······· ······ ········ ········· ·········· ····· ···

··· ···· ······· ······ ········ ········· ·········· ····· ··· ···· ······· ······ ········ ········· ·········· ····· ···

····· ··· ···· ······· ······ ········ ········· ·········· ····· ··· ···· ······· ······ ········ ········· ·········· ····· ···

·········· ····· ··· ···· ······· ······ ········ ········· ·········· ····· ··· ···· ······· ······ ········ ········· ·········· ····· ···

········· ·········· ····· ··· ···· ······· ······ ········ ········· ·········· ····· ··· ···· ·······

········ ········· ·········· ····· ··· ···· ······· ······ ········ ········· ·········· ····· ··· ···· ·······

······ ········ ········· ·········· ····· ··· ···· ······· ······ ········ ········· ·········· ····· ··· ···· ·······

······· ······ ········ ········· ·········· ····· ··· ···· ······· ······ ········ ········· ·········· ····· ··· ···· ·······

···· ······· ······ ········ ········· ·········· ····· ··· ···· ······· ······ ········ ········· ·········· ····· ··· ···· ·······

··· ···· ······· ······ ········ ········· ·········· ····· ··· ···· ······· ······ ········ ········· ·········· ····· ··· ···· ·······

····· ··· ···· ······· ······ ········ ········· ·········· ····· ··· ···· ······· ······ ········

·········· ····· ··· ···· ······· ······ ········ ········· ·········· ····· ··· ···· ······· ······ ········

········· ·········· ····· ··· ···· ······· ······ ········ ········· ·········· ····· ··· ···· ······· ······ ········

········ ········· ·········· ····· ··· ···· ······· ······ ········ ········· ·········· ····· ··· ···· ······· ······ ········

······ ········ ········· ·········· ····· ··· ···· ······· ······ ········ ········· ·········· ····· ··· ···· ······· ······ ········

······· ······ ········ ········· ·········· ····· ··· ···· ······· ······ ········ ········· ·········· ····· ··· ···· ······· ······ ········

···· ······· ······ ········ ········· ·········· ····· ··· ···· ······· ······ ········ ········· ··········

··· ···· ······· ······ ········ ········· ·········· ····· ··· ···· ······· ······ ········ ········· ··········

····· ··· ···· ······· ······ ········ ········· ·········· ····· ··· ···· ······· ······ ········ ········· ··········

·········· ····· ··· ···· ······· ······ ········ ········· ·········· ····· ··· ···· ······· ······ ········ ········· ··········

········· ·········· ····· ··· ···· ······· ······ ········ ········· ·········· ····· ··· ···· ······· ······ ········ ········· ··········

········ ········· ·········· ····· ··· ···· ······· ······ ········ ········· ·········· ····· ··· ···· ······· ······ ········ ········· ··········

······ ········ ········· ·········· ····· ··· ···· ······· ······ ········ ········· ·········· ····· ···

······· ······ ········ ········· ·········· ····· ··· ···· ······· ······ ········ ········· ·········· ····· ···

···· ······· ······ ········ ········· ·········· ····· ··· ···· ······· ······ ········ ········· ·········· ····· ···

··· ···· ······· ······ ········ ········· ·········· ····· ··· ···· ······· ······ ········ ········· ·········· ····· ···

····· ··· ···· ······· ······ ········ ········· ·········· ····· ··· ···· ······· ······ ········ ········· ·········· ····· ···

·········· ····· ··· ···· ······· ······ ········ ········· ·········· ····· ··· ···· ······· ······ ········ ········· ·········· ····· ···

········· ·········· ····· ··· ···· ······· ······ ········ ········· ·········· ····· ··· ···· ·······

········ ········· ·········· ····· ··· ···· ······· ······ ········ ········· ·········· ····· ··· ···· ·······

······ ········ ········· ·········· ····· ··· ···· ······· ······ ········ ········· ·········· ····· ··· ···· ·······

······· ······ ········ ········· ·········· ····· ··· ···· ······· ······ ········ ········· ·········· ····· ··· ···· ·······

···· ······· ······ ········ ········· ·········· ····· ··· ···· ······· ······ ········ ········· ·········· ····· ··· ···· ·······

··· ···· ······· ······ ········ ········· ·········· ····· ··· ···· ······· ······ ········ ········· ·········· ····· ··· ···· ·······

····· ··· ···· ······· ······ ········ ········· ·········· ····· ··· ···· ······· ······ ········

·········· ····· ··· ···· ······· ······ ········ ········· ·········· ····· ··· ···· ······· ······ ········

········· ·········· ····· ··· ···· ······· ······ ········ ········· ·········· ····· ··· ···· ······· ······ ········

········ ········· ·········· ····· ··· ···· ······· ······ ········ ········· ·········· ····· ··· ···· ······· ······ ········

······ ········ ········· ·········· ····· ··· ···· ······· ······ ········ ········· ·········· ····· ··· ···· ······· ······ ········

······· ······ ········ ········· ·········· ····· ··· ···· ······· ······ ········ ········· ·········· ····· ··· ···· ······· ······ ········

···· ······· ······ ········ ········· ·········· ····· ··· ···· ······· ······ ········ ········· ··········

··· ···· ······· ······ ········ ········· ·········· ····· ··· ···· ······· ······ ········ ········· ··········

····· ··· ···· ······· ······ ········ ········· ·········· ····· ··· ···· ······· ······ ········ ········· ··········

·········· ····· ··· ···· ······· ······ ········ ········· ·········· ····· ··· ···· ······· ······ ········ ········· ··········

········· ·········· ····· ··· ···· ······· ······ ········ ········· ·········· ····· ··· ···· ······· ······ ········ ········· ··········

········ ········· ·········· ····· ··· ···· ······· ······ ········ ········· ·········· ····· ··· ···· ······· ······ ········ ········· ··········

······ ········ ········· ·········· ····· ··· ···· ······· ······ ········ ········· ·········· ····· ···

······· ······ ········ ········· ·········· ····· ··· ···· ······· ······ ········ ········· ·········· ····· ···

···· ······· ······ ········ ········· ·········· ····· ··· ···· ······· ······ ········ ········· ·········· ····· ···

··· ···· ······· ······ ········ ········· ·········· ····· ··· ···· ······· ······ ········ ········· ·········· ····· ···

····· ··· ···· ······· ······ ········ ········· ·········· ····· ··· ···· ······· ······ ········ ········· ·········· ····· ···

·········· ····· ··· ···· ······· ······ ········ ········· ·········· ····· ··· ···· ······· ······ ········ ········· ·········· ····· ···

········· ·········· ····· ··· ···· ······· ······ ········ ········· ·········· ····· ··· ···· ·······

········ ········· ·········· ····· ··· ···· ······· ······ ········ ········· ·········· ····· ··· ···· ·······

······ ········ ········· ·········· ····· ··· ···· ······· ······ ········ ········· ·········· ····· ··· ···· ·······

······· ······ ········ ········· ·········· ····· ··· ···· ······· ······ ········ ········· ·········· ····· ··· ···· ·······

···· ······· ······ ········ ········· ·········· ····· ··· ···· ······· ······ ········ ········· ·········· ····· ··· ···· ·······

··· ···· ······· ······ ········ ········· ·········· ····· ··· ···· ······· ······ ········ ········· ·········· ····· ··· ···· ·······

····· ··· ···· ······· ······ ········ ········· ·········· ····· ··· ···· ······· ······ ········

·········· ····· ··· ···· ······· ······ ········ ········· ·········· ····· ··· ···· ······· ······ ········

········· ·········· ····· ··· ···· ······· ······ ········ ········· ·········· ····· ··· ···· ······· ······ ········

········ ········· ·········· ····· ··· ···· ······· ······ ········ ········· ·········· ····· ··· ···· ······· ······ ········

······ ········ ········· ·········· ····· ··· ···· ······· ······ ········ ········· ·········· ····· ··· ···· ······· ······ ········

······· ······ ········ ········· ·········· ····· ··· ···· ······· ······ ········ ········· ·········· ····· ··· ···· ······· ······ ········

···· ······· ······ ········ ········· ·········· ····· ··· ···· ······· ······ ········ ········· ··········

··· ···· ······· ······ ········ ········· ·········· ····· ··· ···· ······· ······ ········ ········· ··········

····· ··· ···· ······· ······ ········ ········· ·········· ····· ··· ···· ······· ······ ········ ········· ··········

·········· ····· ··· ···· ······· ······ ········ ········· ·········· ····· ··· ···· ······· ······ ········ ········· ··········

········· ·········· ····· ··· ···· ······· ······ ········ ········· ·········· ····· ··· ···· ······· ······ ········ ········· ··········

········ ········· ·········· ····· ··· ···· ······· ······ ········ ········· ·········· ····· ··· ···· ······· ······ ········ ········· ··········

······ ········ ········· ·········· ····· ··· ···· ······· ······ ········ ········· ·········· ····· ···

······· ······ ········ ········· ·········· ····· ··· ···· ······· ······ ········ ········· ·········· ····· ···

···· ······· ······ ········ ········· ·········· ····· ··· ···· ······· ······ ········ ········· ·········· ····· ···

··· ···· ······· ······ ········ ········· ·········· ····· ··· ···· ······· ······ ········ ········· ·········· ····· ···

····· ··· ···· ······· ······ ········ ········· ·········· ····· ··· ···· ······· ······ ········ ········· ·········· ····· ···

·········· ····· ··· ···· ······· ······ ········ ········· ·········· ····· ··· ···· ······· ······ ········ ········· ·········· ····· ···

········· ·········· ····· ··· ···· ······· ······ ········ ········· ·········· ····· ··· ···· ·······

········ ········· ·········· ····· ··· ···· ······· ······ ········ ········· ·········· ····· ··· ···· ·······

······ ········ ········· ·········· ····· ··· ···· ······· ······ ········ ········· ·········· ····· ··· ···· ·······

······· ······ ········ ········· ·········· ····· ··· ···· ······· ······ ········ ········· ·········· ····· ··· ···· ·······

···· ······· ······ ········ ········· ·········· ····· ··· ···· ······· ······ ········ ········· ·········· ····· ··· ···· ·······

··· ···· ······· ······ ········ ········· ·········· ····· ··· ···· ······· ······ ········ ········· ·········· ····· ··· ···· ·······

····· ··· ···· ······· ······ ········ ········· ·········· ····· ··· ···· ······· ······ ········

·········· ····· ··· ···· ······· ······ ········ ········· ·········· ····· ··· ···· ······· ······ ········

········· ·········· ····· ··· ···· ······· ······ ········ ········· ·········· ····· ··· ···· ······· ······ ········

········ ········· ·········· ····· ··· ···· ······· ······ ········ ········· ·········· ····· ··· ···· ······· ······ ········

······ ········ ········· ·········· ····· ··· ···· ······· ······ ········ ········· ·········· ····· ··· ···· ······· ······ ········

······· ······ ········ ········· ·········· ····· ··· ···· ······· ······ ········ ········· ·········· ····· ··· ···· ······· ······ ········

···· ······· ······ ········ ········· ·········· ····· ··· ···· ······· ······ ········ ········· ··········

··· ···· ······· ······ ········ ········· ·········· ····· ··· ···· ······· ······ ········ ········· ··········

····· ··· ···· ······· ······ ········ ········· ·········· ····· ··· ···· ······· ······ ········ ········· ··········

·········· ····· ··· ···· ······· ······ ········ ········· ·········· ····· ··· ···· ······· ······ ········ ········· ··········

········· ·········· ····· ··· ···· ······· ······ ········ ········· ·········· ····· ··· ···· ······· ······ ········ ········· ··········

········ ········· ·········· ····· ··· ···· ······· ······ ········ ········· ·········· ····· ··· ···· ······· ······ ········ ········· ··········

······ ········ ········· ·········· ····· ··· ···· ······· ······ ········ ········· ·········· ····· ···

······· ······ ········ ········· ·········· ····· ··· ···· ······· ······ ········ ········· ·········· ····· ···

···· ······· ······ ········ ········· ·········· ····· ··· ···· ······· ······ ········ ········· ·········· ····· ···

··· ···· ······· ······ ········ ········· ·········· ····· ··· ···· ······· ······ ········ ········· ·········· ····· ···

····· ··· ···· ······· ······ ········ ········· ·········· ····· ··· ···· ······· ······ ········ ········· ·········· ····· ···

·········· ····· ··· ···· ······· ······ ········ ········· ·········· ····· ··· ···· ······· ······ ········ ········· ·········· ····· ···

········· ·········· ····· ··· ···· ······· ······ ········ ········· ·········· ····· ··· ···· ·······

········ ········· ·········· ····· ··· ···· ······· ······ ········ ········· ·········· ····· ··· ···· ·······
